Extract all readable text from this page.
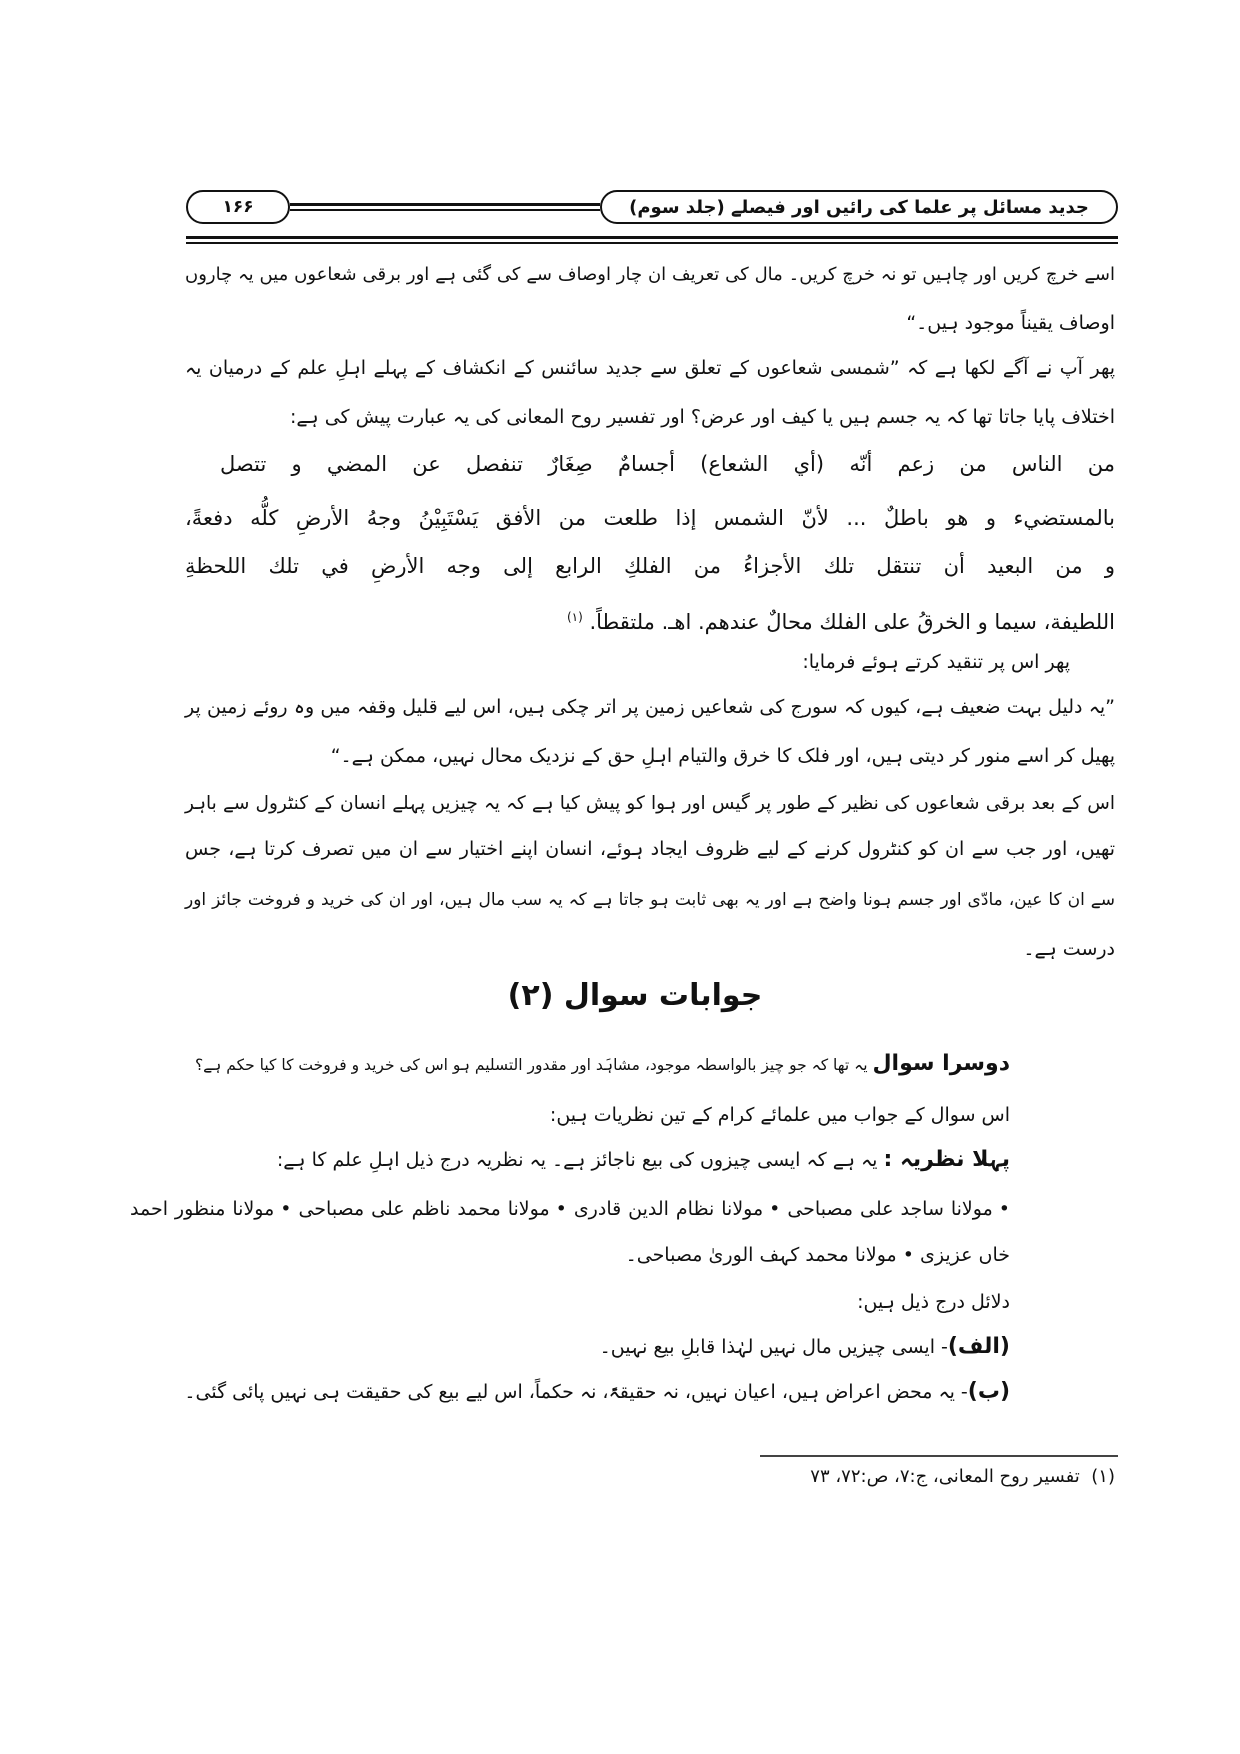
۱۶۶	جدید مسائل پر علما کی رائیں اور فیصلے (جلد سوم)
اسے خرچ کریں اور چاہیں تو نہ خرچ کریں۔ مال کی تعریف ان چار اوصاف سے کی گئی ہے اور برقی شعاعوں میں یہ چاروں
اوصاف یقیناً موجود ہیں۔“
پھر آپ نے آگے لکھا ہے کہ ”شمسی شعاعوں کے تعلق سے جدید سائنس کے انکشاف کے پہلے اہلِ علم کے درمیان یہ
اختلاف پایا جاتا تھا کہ یہ جسم ہیں یا کیف اور عرض؟ اور تفسیر روح المعانی کی یہ عبارت پیش کی ہے:
من الناس من زعم أنّه (أي الشعاع) أجسامٌ صِغَارٌ تنفصل عن المضي و تتصل
بالمستضيء و هو باطلٌ ... لأنّ الشمس إذا طلعت من الأفق يَسْتَبِيْنُ وجهُ الأرضِ كلُّه دفعةً،
و من البعيد أن تنتقل تلك الأجزاءُ من الفلكِ الرابع إلى وجه الأرضِ في تلك اللحظةِ
اللطيفة، سيما و الخرقُ على الفلك محالٌ عندهم. اهـ. ملتقطاً. $^{(۱)}$
پھر اس پر تنقید کرتے ہوئے فرمایا:
”یہ دلیل بہت ضعیف ہے، کیوں کہ سورج کی شعاعیں زمین پر اتر چکی ہیں، اس لیے قلیل وقفہ میں وہ روئے زمین پر
پھیل کر اسے منور کر دیتی ہیں، اور فلک کا خرق والتیام اہلِ حق کے نزدیک محال نہیں، ممکن ہے۔“
اس کے بعد برقی شعاعوں کی نظیر کے طور پر گیس اور ہوا کو پیش کیا ہے کہ یہ چیزیں پہلے انسان کے کنٹرول سے باہر
تھیں، اور جب سے ان کو کنٹرول کرنے کے لیے ظروف ایجاد ہوئے، انسان اپنے اختیار سے ان میں تصرف کرتا ہے، جس
سے ان کا عین، مادّی اور جسم ہونا واضح ہے اور یہ بھی ثابت ہو جاتا ہے کہ یہ سب مال ہیں، اور ان کی خرید و فروخت جائز اور
درست ہے۔
جوابات سوال (۲)
دوسرا سوال یہ تھا کہ جو چیز بالواسطہ موجود، مشاہَد اور مقدور التسلیم ہو اس کی خرید و فروخت کا کیا حکم ہے؟
اس سوال کے جواب میں علمائے کرام کے تین نظریات ہیں:
پہلا نظریہ : یہ ہے کہ ایسی چیزوں کی بیع ناجائز ہے۔ یہ نظریہ درج ذیل اہلِ علم کا ہے:
•مولانا ساجد علی مصباحی •مولانا نظام الدین قادری •مولانا محمد ناظم علی مصباحی •مولانا منظور احمد خاں عزیزی •مولانا محمد کہف الوریٰ مصباحی۔
دلائل درج ذیل ہیں:
(الف)- ایسی چیزیں مال نہیں لہٰذا قابلِ بیع نہیں۔
(ب)- یہ محض اعراض ہیں، اعیان نہیں، نہ حقیقۃً، نہ حکماً، اس لیے بیع کی حقیقت ہی نہیں پائی گئی۔
(۱)  تفسیر روح المعانی، ج:۷، ص:۷۲، ۷۳
